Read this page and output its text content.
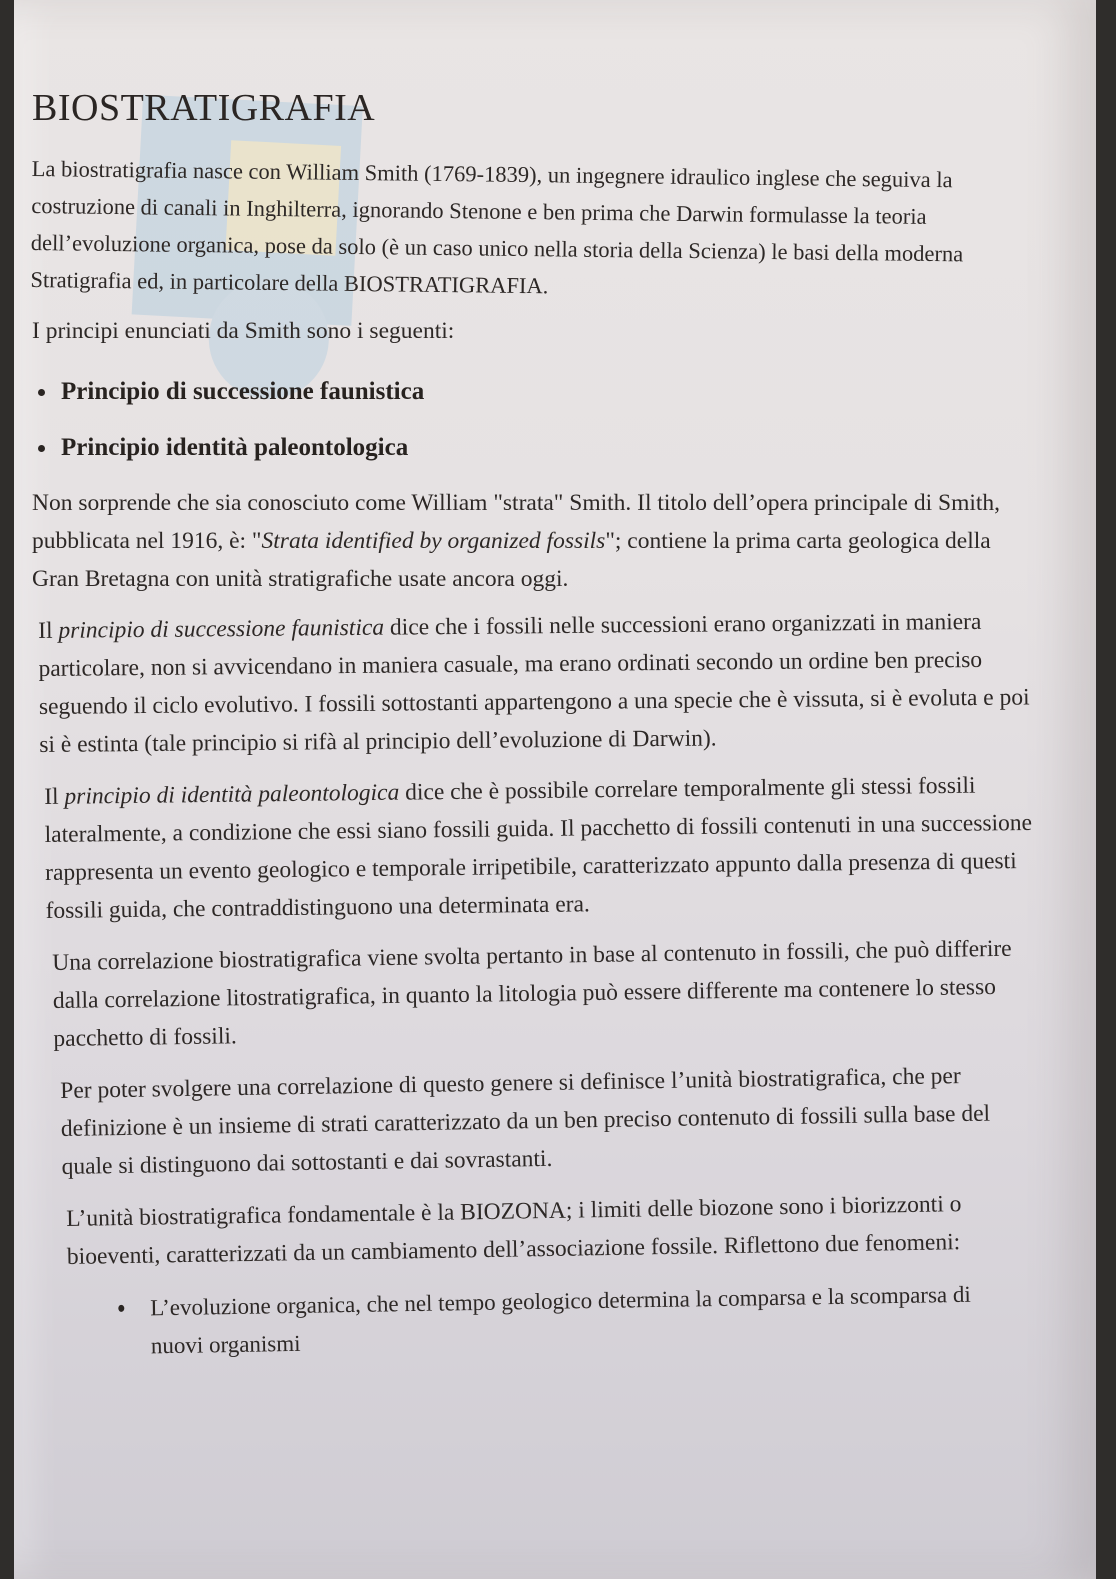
BIOSTRATIGRAFIA

La biostratigrafia nasce con William Smith (1769-1839), un ingegnere idraulico inglese che seguiva la costruzione di canali in Inghilterra, ignorando Stenone e ben prima che Darwin formulasse la teoria dell’evoluzione organica, pose da solo (è un caso unico nella storia della Scienza) le basi della moderna Stratigrafia ed, in particolare della BIOSTRATIGRAFIA.

I principi enunciati da Smith sono i seguenti:

Principio di successione faunistica
Principio identità paleontologica

Non sorprende che sia conosciuto come William "strata" Smith. Il titolo dell’opera principale di Smith, pubblicata nel 1916, è: "Strata identified by organized fossils"; contiene la prima carta geologica della Gran Bretagna con unità stratigrafiche usate ancora oggi.

Il principio di successione faunistica dice che i fossili nelle successioni erano organizzati in maniera particolare, non si avvicendano in maniera casuale, ma erano ordinati secondo un ordine ben preciso seguendo il ciclo evolutivo. I fossili sottostanti appartengono a una specie che è vissuta, si è evoluta e poi si è estinta (tale principio si rifà al principio dell’evoluzione di Darwin).

Il principio di identità paleontologica dice che è possibile correlare temporalmente gli stessi fossili lateralmente, a condizione che essi siano fossili guida. Il pacchetto di fossili contenuti in una successione rappresenta un evento geologico e temporale irripetibile, caratterizzato appunto dalla presenza di questi fossili guida, che contraddistinguono una determinata era.

Una correlazione biostratigrafica viene svolta pertanto in base al contenuto in fossili, che può differire dalla correlazione litostratigrafica, in quanto la litologia può essere differente ma contenere lo stesso pacchetto di fossili.

Per poter svolgere una correlazione di questo genere si definisce l’unità biostratigrafica, che per definizione è un insieme di strati caratterizzato da un ben preciso contenuto di fossili sulla base del quale si distinguono dai sottostanti e dai sovrastanti.

L’unità biostratigrafica fondamentale è la BIOZONA; i limiti delle biozone sono i biorizzonti o bioeventi, caratterizzati da un cambiamento dell’associazione fossile. Riflettono due fenomeni:

L’evoluzione organica, che nel tempo geologico determina la comparsa e la scomparsa di nuovi organismi
